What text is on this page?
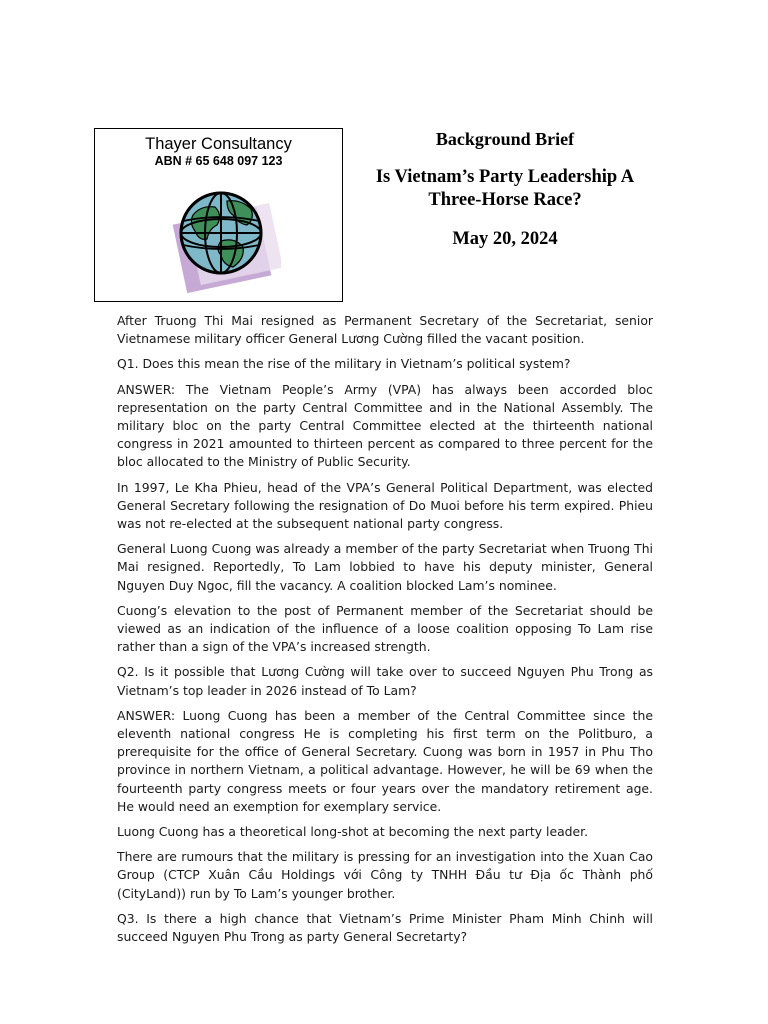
Thayer Consultancy
ABN # 65 648 097 123
Background Brief
Is Vietnam’s Party Leadership A Three-Horse Race?
May 20, 2024

After Truong Thi Mai resigned as Permanent Secretary of the Secretariat, senior Vietnamese military officer General Lương Cường filled the vacant position.

Q1. Does this mean the rise of the military in Vietnam’s political system?

ANSWER: The Vietnam People’s Army (VPA) has always been accorded bloc representation on the party Central Committee and in the National Assembly. The military bloc on the party Central Committee elected at the thirteenth national congress in 2021 amounted to thirteen percent as compared to three percent for the bloc allocated to the Ministry of Public Security.

In 1997, Le Kha Phieu, head of the VPA’s General Political Department, was elected General Secretary following the resignation of Do Muoi before his term expired. Phieu was not re-elected at the subsequent national party congress.

General Luong Cuong was already a member of the party Secretariat when Truong Thi Mai resigned. Reportedly, To Lam lobbied to have his deputy minister, General Nguyen Duy Ngoc, fill the vacancy. A coalition blocked Lam’s nominee.

Cuong’s elevation to the post of Permanent member of the Secretariat should be viewed as an indication of the influence of a loose coalition opposing To Lam rise rather than a sign of the VPA’s increased strength.

Q2. Is it possible that Lương Cường will take over to succeed Nguyen Phu Trong as Vietnam’s top leader in 2026 instead of To Lam?

ANSWER: Luong Cuong has been a member of the Central Committee since the eleventh national congress He is completing his first term on the Politburo, a prerequisite for the office of General Secretary. Cuong was born in 1957 in Phu Tho province in northern Vietnam, a political advantage. However, he will be 69 when the fourteenth party congress meets or four years over the mandatory retirement age. He would need an exemption for exemplary service.

Luong Cuong has a theoretical long-shot at becoming the next party leader.

There are rumours that the military is pressing for an investigation into the Xuan Cao Group (CTCP Xuân Cầu Holdings với Công ty TNHH Đầu tư Địa ốc Thành phố (CityLand)) run by To Lam’s younger brother.

Q3. Is there a high chance that Vietnam’s Prime Minister Pham Minh Chinh will succeed Nguyen Phu Trong as party General Secretarty?
